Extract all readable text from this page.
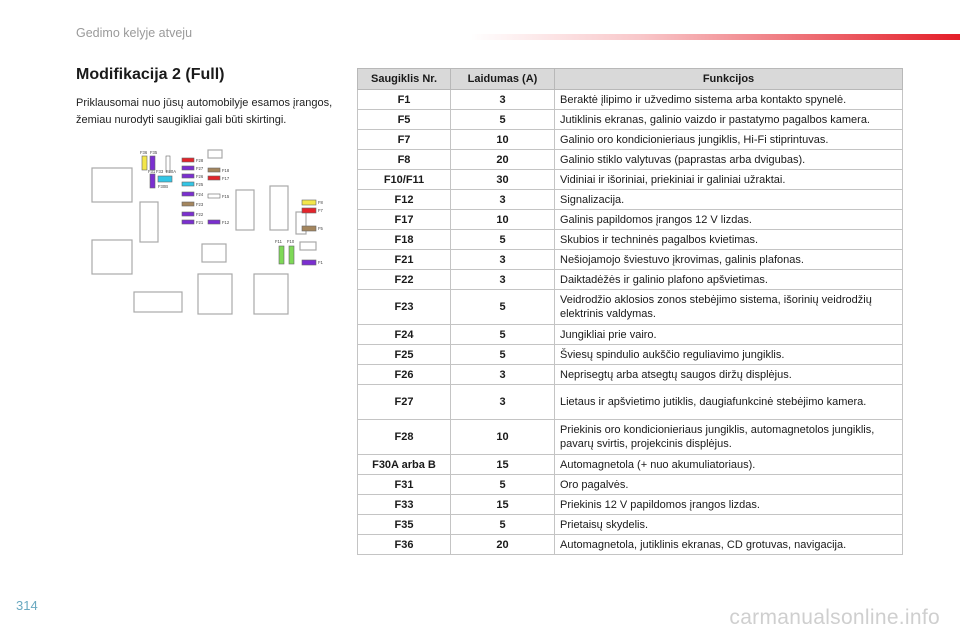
Gedimo kelyje atveju
Modifikacija 2 (Full)
Priklausomai nuo jūsų automobilyje esamos įrangos, žemiau nurodyti saugikliai gali būti skirtingi.
F36 F35
F31 F33 F30A
F30B
F28
F27
F26
F25
F24
F23
F22
F21
F18
F17
F15
F12
F11 F10
F8
F7
F5
F1
Saugiklis Nr.	Laidumas (A)	Funkcijos
F1	3	Beraktė įlipimo ir užvedimo sistema arba kontakto spynelė.
F5	5	Jutiklinis ekranas, galinio vaizdo ir pastatymo pagalbos kamera.
F7	10	Galinio oro kondicionieriaus jungiklis, Hi-Fi stiprintuvas.
F8	20	Galinio stiklo valytuvas (paprastas arba dvigubas).
F10/F11	30	Vidiniai ir išoriniai, priekiniai ir galiniai užraktai.
F12	3	Signalizacija.
F17	10	Galinis papildomos įrangos 12 V lizdas.
F18	5	Skubios ir techninės pagalbos kvietimas.
F21	3	Nešiojamojo šviestuvo įkrovimas, galinis plafonas.
F22	3	Daiktadėžės ir galinio plafono apšvietimas.
F23	5	Veidrodžio aklosios zonos stebėjimo sistema, išorinių veidrodžių elektrinis valdymas.
F24	5	Jungikliai prie vairo.
F25	5	Šviesų spindulio aukščio reguliavimo jungiklis.
F26	3	Neprisegtų arba atsegtų saugos diržų displėjus.
F27	3	Lietaus ir apšvietimo jutiklis, daugiafunkcinė stebėjimo kamera.
F28	10	Priekinis oro kondicionieriaus jungiklis, automagnetolos jungiklis, pavarų svirtis, projekcinis displėjus.
F30A arba B	15	Automagnetola (+ nuo akumuliatoriaus).
F31	5	Oro pagalvės.
F33	15	Priekinis 12 V papildomos įrangos lizdas.
F35	5	Prietaisų skydelis.
F36	20	Automagnetola, jutiklinis ekranas, CD grotuvas, navigacija.
314
carmanualsonline.info
